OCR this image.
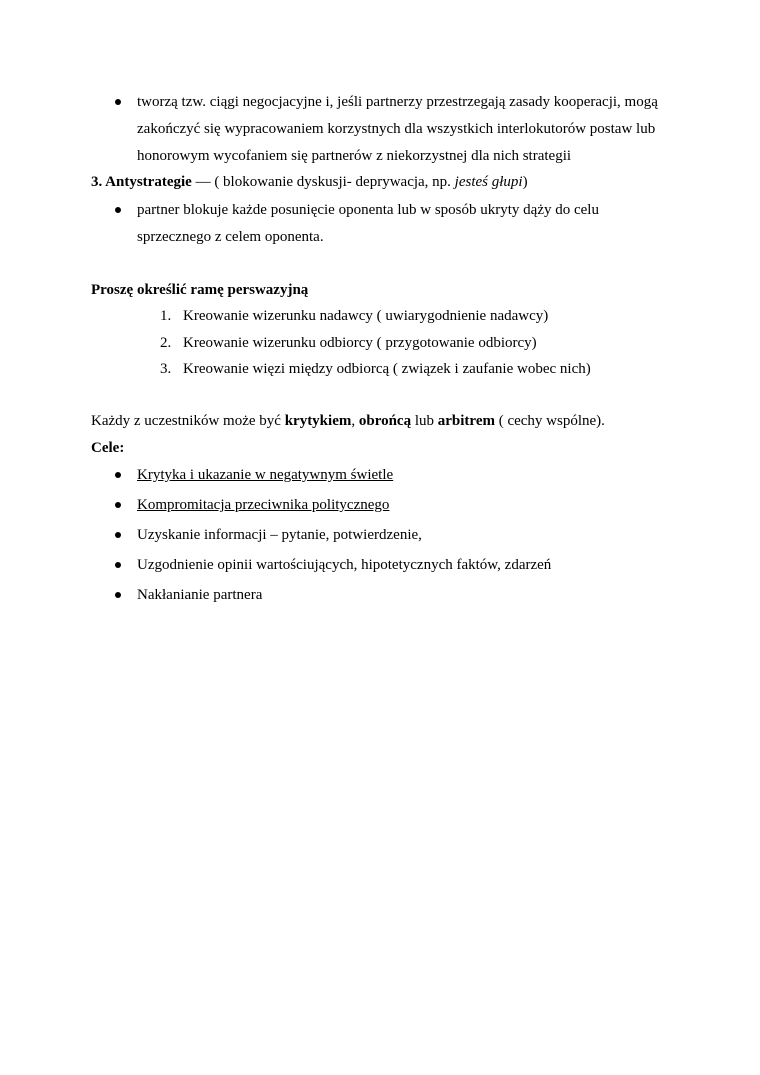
tworzą tzw. ciągi negocjacyjne i, jeśli partnerzy przestrzegają zasady kooperacji, mogą
zakończyć się wypracowaniem korzystnych dla wszystkich interlokutorów postaw lub
honorowym wycofaniem się partnerów z niekorzystnej dla nich strategii
3. Antystrategie — ( blokowanie dyskusji- deprywacja, np. jesteś głupi)
partner blokuje każde posunięcie oponenta lub w sposób ukryty dąży do celu
sprzecznego z celem oponenta.
Proszę określić ramę perswazyjną
1. Kreowanie wizerunku nadawcy ( uwiarygodnienie nadawcy)
2. Kreowanie wizerunku odbiorcy ( przygotowanie odbiorcy)
3. Kreowanie więzi między odbiorcą ( związek i zaufanie wobec nich)
Każdy z uczestników może być krytykiem, obrońcą lub arbitrem ( cechy wspólne).
Cele:
Krytyka i ukazanie w negatywnym świetle
Kompromitacja przeciwnika politycznego
Uzyskanie informacji – pytanie, potwierdzenie,
Uzgodnienie opinii wartościujących, hipotetycznych faktów, zdarzeń
Nakłanianie partnera
